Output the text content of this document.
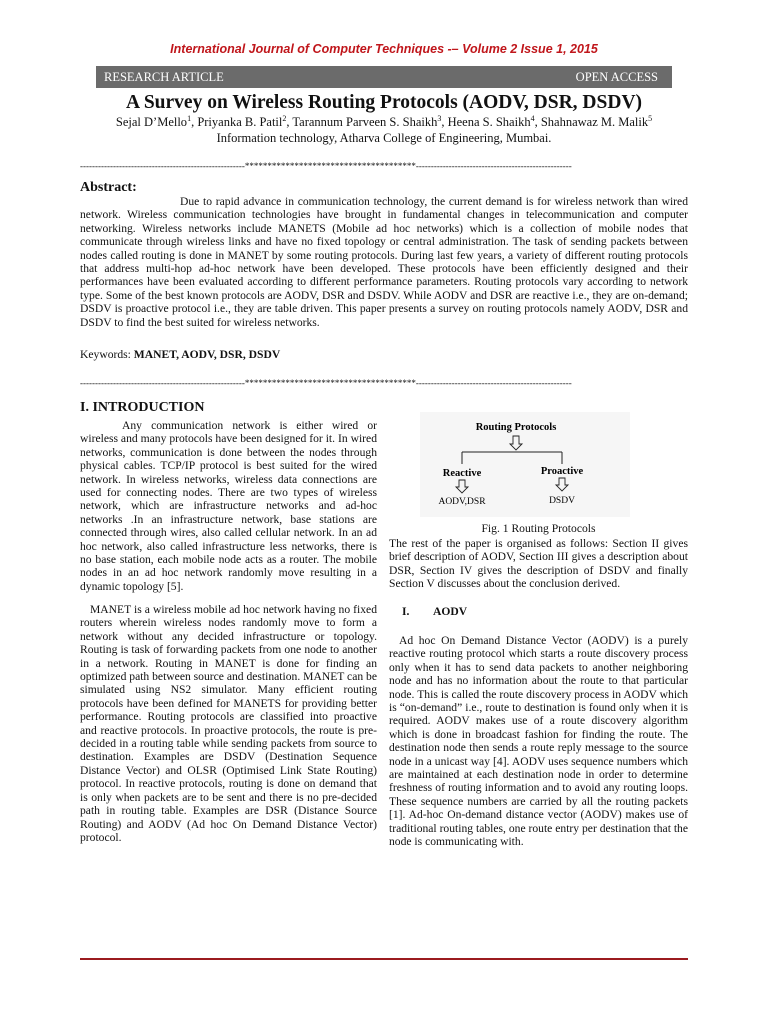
International Journal of Computer Techniques -– Volume 2 Issue 1, 2015
RESEARCH ARTICLE	OPEN ACCESS
A Survey on Wireless Routing Protocols (AODV, DSR, DSDV)
Sejal D’Mello$^1$, Priyanka B. Patil$^2$, Tarannum Parveen S. Shaikh$^3$, Heena S. Shaikh$^4$, Shahnawaz M. Malik$^5$
Information technology, Atharva College of Engineering, Mumbai.
-------------------------------------------------------**************************************----------------------------------------------------
Abstract:
Due to rapid advance in communication technology, the current demand is for wireless network than wired network. Wireless communication technologies have brought in fundamental changes in telecommunication and computer networking. Wireless networks include MANETS (Mobile ad hoc networks) which is a collection of mobile nodes that communicate through wireless links and have no fixed topology or central administration. The task of sending packets between nodes called routing is done in MANET by some routing protocols. During last few years, a variety of different routing protocols that address multi-hop ad-hoc network have been developed. These protocols have been efficiently designed and their performances have been evaluated according to different performance parameters. Routing protocols vary according to network type. Some of the best known protocols are AODV, DSR and DSDV. While AODV and DSR are reactive i.e., they are on-demand; DSDV is proactive protocol i.e., they are table driven. This paper presents a survey on routing protocols namely AODV, DSR and DSDV to find the best suited for wireless networks.
Keywords: MANET, AODV, DSR, DSDV
-------------------------------------------------------**************************************----------------------------------------------------
I. INTRODUCTION
Any communication network is either wired or wireless and many protocols have been designed for it. In wired networks, communication is done between the nodes through physical cables. TCP/IP protocol is best suited for the wired network. In wireless networks, wireless data connections are used for connecting nodes. There are two types of wireless network, which are infrastructure networks and ad-hoc networks .In an infrastructure network, base stations are connected through wires, also called cellular network. In an ad hoc network, also called infrastructure less networks, there is no base station, each mobile node acts as a router. The mobile nodes in an ad hoc network randomly move resulting in a dynamic topology [5].
MANET is a wireless mobile ad hoc network having no fixed routers wherein wireless nodes randomly move to form a network without any decided infrastructure or topology. Routing is task of forwarding packets from one node to another in a network. Routing in MANET is done for finding an optimized path between source and destination. MANET can be simulated using NS2 simulator. Many efficient routing protocols have been defined for MANETS for providing better performance. Routing protocols are classified into proactive and reactive protocols. In proactive protocols, the route is pre-decided in a routing table while sending packets from source to destination. Examples are DSDV (Destination Sequence Distance Vector) and OLSR (Optimised Link State Routing) protocol. In reactive protocols, routing is done on demand that is only when packets are to be sent and there is no pre-decided path in routing table. Examples are DSR (Distance Source Routing) and AODV (Ad hoc On Demand Distance Vector) protocol.
Routing Protocols
Reactive	Proactive
AODV,DSR	DSDV
Fig. 1 Routing Protocols
The rest of the paper is organised as follows: Section II gives brief description of AODV, Section III gives a description about DSR, Section IV gives the description of DSDV and finally Section V discusses about the conclusion derived.
I. AODV
Ad hoc On Demand Distance Vector (AODV) is a purely reactive routing protocol which starts a route discovery process only when it has to send data packets to another neighboring node and has no information about the route to that particular node. This is called the route discovery process in AODV which is “on-demand” i.e., route to destination is found only when it is required. AODV makes use of a route discovery algorithm which is done in broadcast fashion for finding the route. The destination node then sends a route reply message to the source node in a unicast way [4]. AODV uses sequence numbers which are maintained at each destination node in order to determine freshness of routing information and to avoid any routing loops. These sequence numbers are carried by all the routing packets [1]. Ad-hoc On-demand distance vector (AODV) makes use of traditional routing tables, one route entry per destination that the node is communicating with.
